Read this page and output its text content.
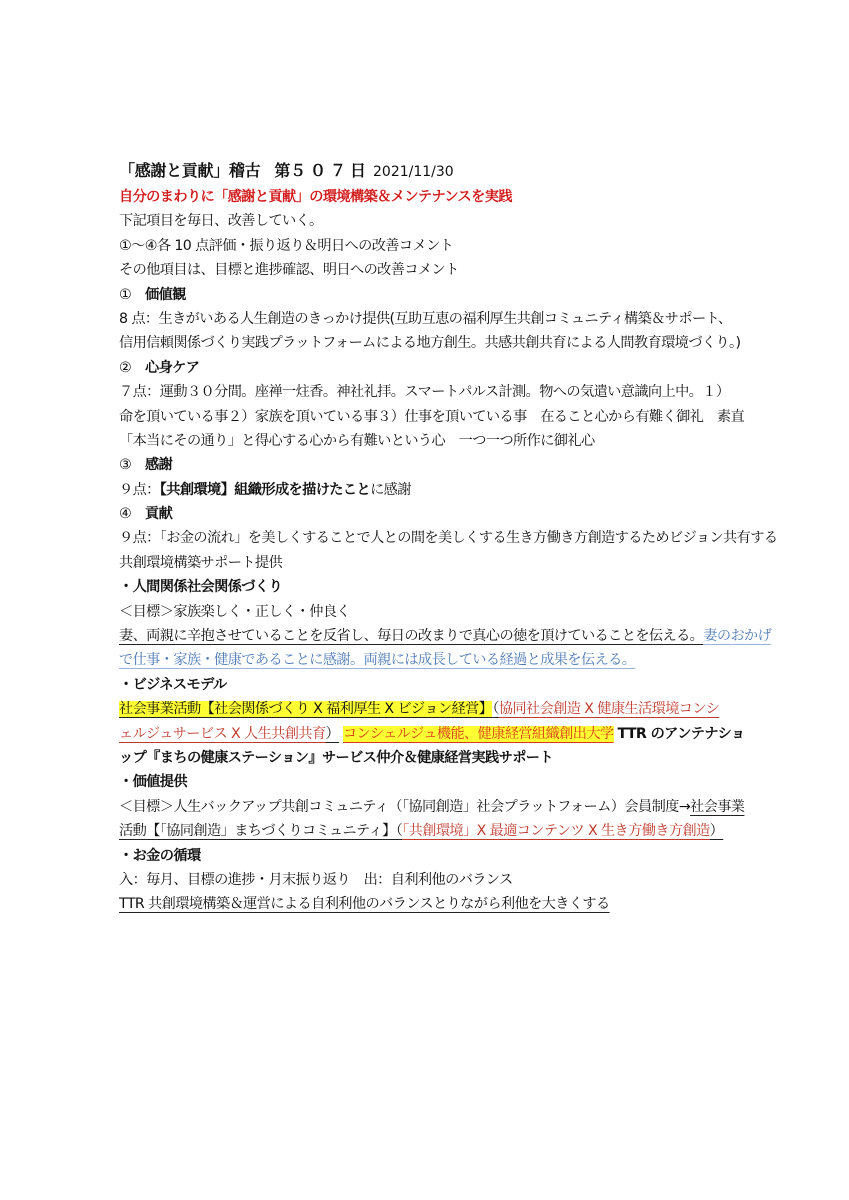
「感謝と貢献」稽古 第５０７日 2021/11/30
自分のまわりに「感謝と貢献」の環境構築＆メンテナンスを実践
下記項目を毎日、改善していく。
①～④各 10 点評価・振り返り＆明日への改善コメント
その他項目は、目標と進捗確認、明日への改善コメント
① 価値観
8 点：生きがいある人生創造のきっかけ提供(互助互恵の福利厚生共創コミュニティ構築＆サポート、
信用信頼関係づくり実践プラットフォームによる地方創生。共感共創共育による人間教育環境づくり。)
② 心身ケア
７点：運動３０分間。座禅一炷香。神社礼拝。スマートパルス計測。物への気遣い意識向上中。１）
命を頂いている事２）家族を頂いている事３）仕事を頂いている事　在ること心から有難く御礼　素直
「本当にその通り」と得心する心から有難いという心　一つ一つ所作に御礼心
③ 感謝
９点：【共創環境】組織形成を描けたことに感謝
④ 貢献
９点：「お金の流れ」を美しくすることで人との間を美しくする生き方働き方創造するためビジョン共有する
共創環境構築サポート提供
・人間関係社会関係づくり
＜目標＞家族楽しく・正しく・仲良く
妻、両親に辛抱させていることを反省し、毎日の改まりで真心の徳を頂けていることを伝える。妻のおかげ
で仕事・家族・健康であることに感謝。両親には成長している経過と成果を伝える。
・ビジネスモデル
社会事業活動【社会関係づくり X 福利厚生 X ビジョン経営】（協同社会創造 X 健康生活環境コンシ
ェルジュサービス X 人生共創共育） コンシェルジュ機能、健康経営組織創出大学 TTR のアンテナショ
ップ『まちの健康ステーション』サービス仲介＆健康経営実践サポート
・価値提供
＜目標＞人生バックアップ共創コミュニティ（「協同創造」社会プラットフォーム）会員制度→社会事業
活動【「協同創造」まちづくりコミュニティ】（「共創環境」X 最適コンテンツ X 生き方働き方創造）
・お金の循環
入：毎月、目標の進捗・月末振り返り　出：自利利他のバランス
TTR 共創環境構築＆運営による自利利他のバランスとりながら利他を大きくする
